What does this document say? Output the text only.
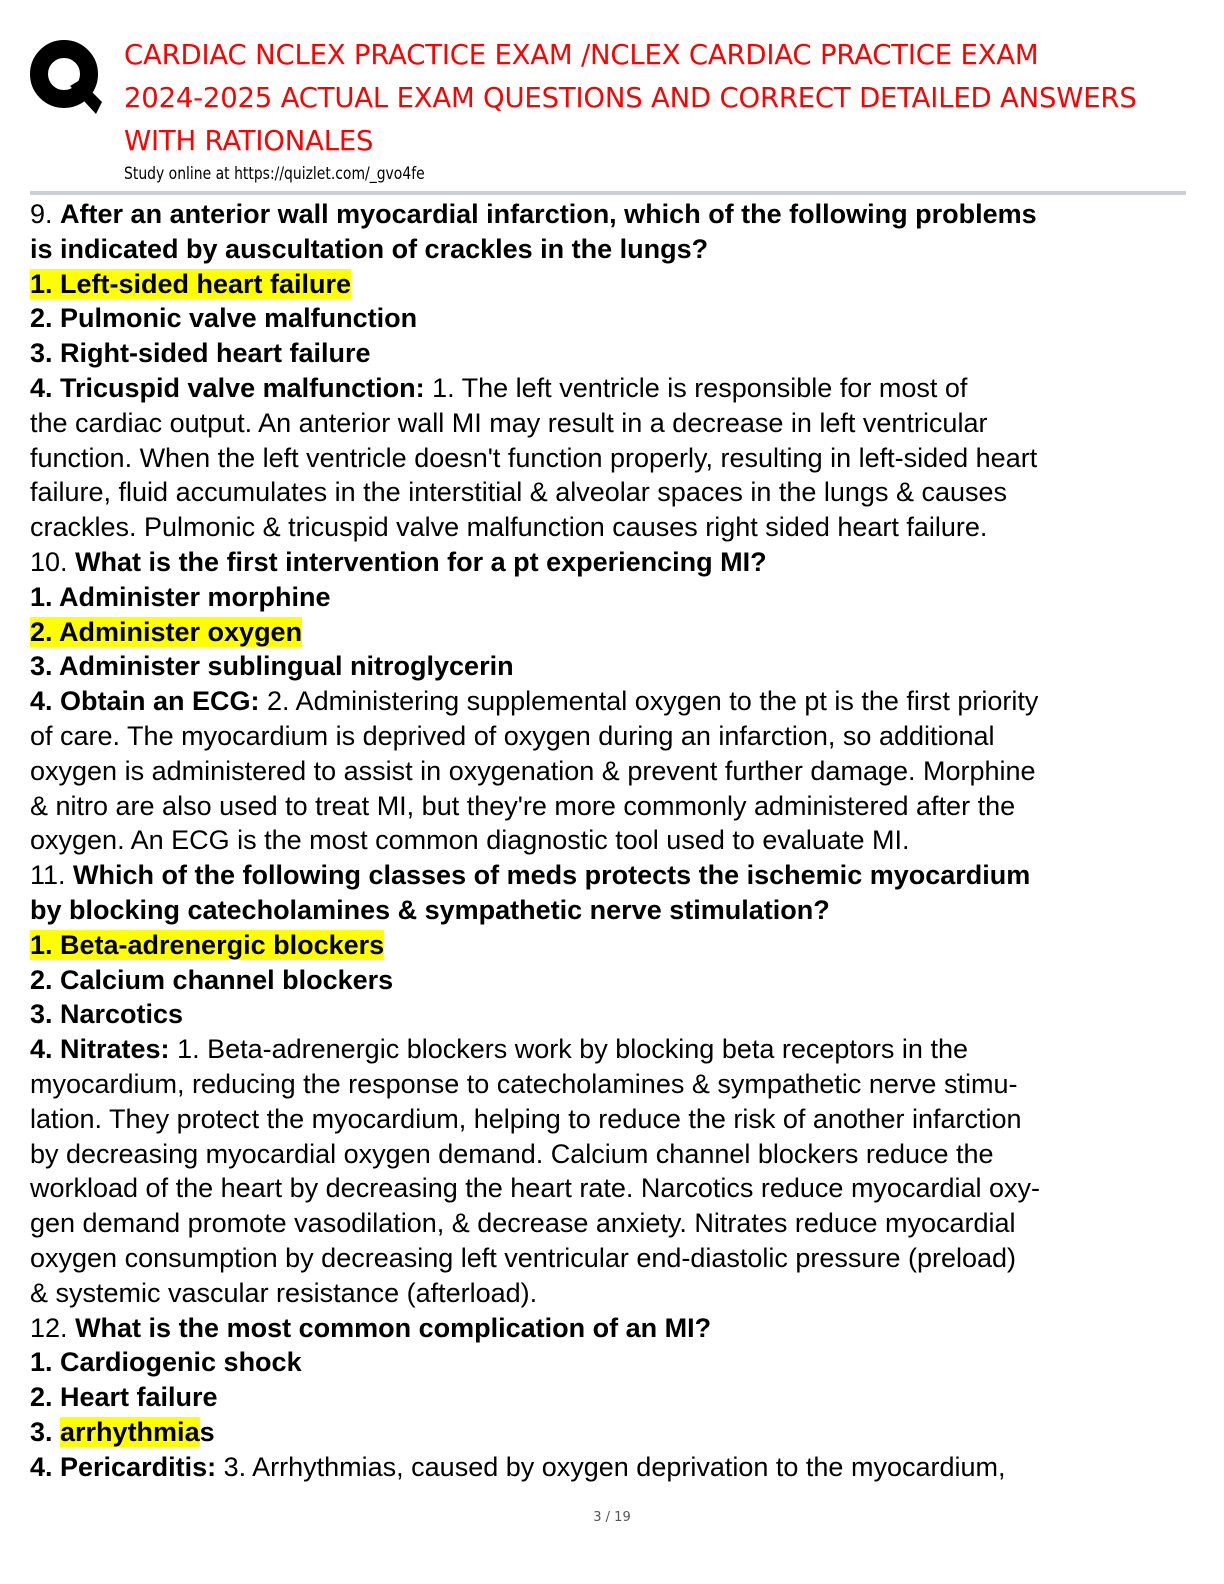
CARDIAC NCLEX PRACTICE EXAM /NCLEX CARDIAC PRACTICE EXAM
2024-2025 ACTUAL EXAM QUESTIONS AND CORRECT DETAILED ANSWERS
WITH RATIONALES
Study online at https://quizlet.com/_gvo4fe
9. After an anterior wall myocardial infarction, which of the following problems
is indicated by auscultation of crackles in the lungs?
1. Left-sided heart failure
2. Pulmonic valve malfunction
3. Right-sided heart failure
4. Tricuspid valve malfunction: 1. The left ventricle is responsible for most of
the cardiac output. An anterior wall MI may result in a decrease in left ventricular
function. When the left ventricle doesn't function properly, resulting in left-sided heart
failure, fluid accumulates in the interstitial & alveolar spaces in the lungs & causes
crackles. Pulmonic & tricuspid valve malfunction causes right sided heart failure.
10. What is the first intervention for a pt experiencing MI?
1. Administer morphine
2. Administer oxygen
3. Administer sublingual nitroglycerin
4. Obtain an ECG: 2. Administering supplemental oxygen to the pt is the first priority
of care. The myocardium is deprived of oxygen during an infarction, so additional
oxygen is administered to assist in oxygenation & prevent further damage. Morphine
& nitro are also used to treat MI, but they're more commonly administered after the
oxygen. An ECG is the most common diagnostic tool used to evaluate MI.
11. Which of the following classes of meds protects the ischemic myocardium
by blocking catecholamines & sympathetic nerve stimulation?
1. Beta-adrenergic blockers
2. Calcium channel blockers
3. Narcotics
4. Nitrates: 1. Beta-adrenergic blockers work by blocking beta receptors in the
myocardium, reducing the response to catecholamines & sympathetic nerve stimu-
lation. They protect the myocardium, helping to reduce the risk of another infarction
by decreasing myocardial oxygen demand. Calcium channel blockers reduce the
workload of the heart by decreasing the heart rate. Narcotics reduce myocardial oxy-
gen demand promote vasodilation, & decrease anxiety. Nitrates reduce myocardial
oxygen consumption by decreasing left ventricular end-diastolic pressure (preload)
& systemic vascular resistance (afterload).
12. What is the most common complication of an MI?
1. Cardiogenic shock
2. Heart failure
3. arrhythmias
4. Pericarditis: 3. Arrhythmias, caused by oxygen deprivation to the myocardium,
3 / 19
